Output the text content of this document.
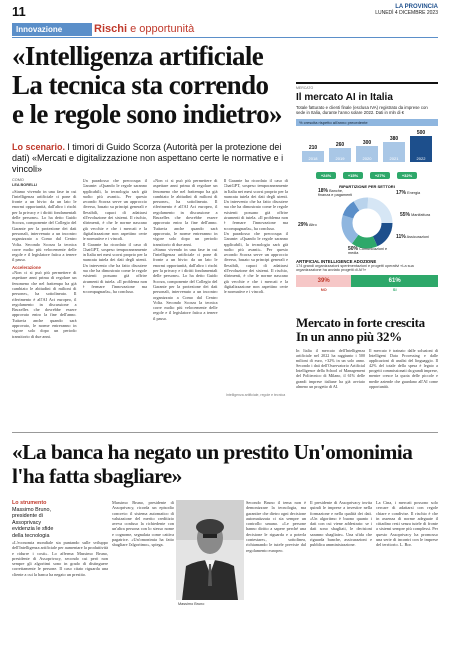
11	LA PROVINCIA
LUNEDÌ 4 DICEMBRE 2023
Innovazione	Rischi e opportunità
«Intelligenza artificiale La tecnica sta correndo e le regole sono indietro»
Lo scenario. I timori di Guido Scorza (Autorità per la protezione dei dati) «Mercati e digitalizzazione non aspettano certe le normative e i vincoli»
COMO
LEA BORELLI
«Siamo vivendo in una fase in cui l'intelligenza artificiale ci pone di fronte a un bivio: da un lato le enormi opportunità, dall'altro i rischi per la privacy e i diritti fondamentali delle persone». Lo ha detto Guido Scorza, componente del Collegio del Garante per la protezione dei dati personali, intervenuto a un incontro organizzato a Como dal Centro Volta. Secondo Scorza la tecnica corre molto più velocemente delle regole e il legislatore fatica a tenere il passo.
Accelerazione
«Non ci si può più permettere di aspettare anni prima di regolare un fenomeno che nel frattempo ha già cambiato le abitudini di milioni di persone», ha sottolineato. Il riferimento è all'AI Act europeo, il regolamento in discussione a Bruxelles che dovrebbe essere approvato entro la fine dell'anno. Tuttavia anche quando sarà approvato, le norme entreranno in vigore solo dopo un periodo transitorio di due anni.
Un paradosso che preoccupa il Garante: «Quando le regole saranno applicabili, la tecnologia sarà già molto più avanti». Per questo secondo Scorza serve un approccio diverso, basato su principi generali e flessibili, capaci di adattarsi all'evoluzione dei sistemi. Il rischio, altrimenti, è che le norme nascano già vecchie e che i mercati e la digitalizzazione non aspettino certe le normative e i vincoli.
Il Garante ha ricordato il caso di ChatGPT, sospeso temporaneamente in Italia nei mesi scorsi proprio per la mancata tutela dei dati degli utenti. Un intervento che ha fatto discutere ma che ha dimostrato come le regole esistenti possano già offrire strumenti di tutela. «Il problema non è fermare l'innovazione ma accompagnarla», ha concluso.
«Non ci si può più permettere di aspettare anni prima di regolare un fenomeno che nel frattempo ha già cambiato le abitudini di milioni di persone», ha sottolineato. Il riferimento è all'AI Act europeo, il regolamento in discussione a Bruxelles che dovrebbe essere approvato entro la fine dell'anno. Tuttavia anche quando sarà approvato, le norme entreranno in vigore solo dopo un periodo transitorio di due anni.
«Siamo vivendo in una fase in cui l'intelligenza artificiale ci pone di fronte a un bivio: da un lato le enormi opportunità, dall'altro i rischi per la privacy e i diritti fondamentali delle persone». Lo ha detto Guido Scorza, componente del Collegio del Garante per la protezione dei dati personali, intervenuto a un incontro organizzato a Como dal Centro Volta. Secondo Scorza la tecnica corre molto più velocemente delle regole e il legislatore fatica a tenere il passo.
Il Garante ha ricordato il caso di ChatGPT, sospeso temporaneamente in Italia nei mesi scorsi proprio per la mancata tutela dei dati degli utenti. Un intervento che ha fatto discutere ma che ha dimostrato come le regole esistenti possano già offrire strumenti di tutela. «Il problema non è fermare l'innovazione ma accompagnarla», ha concluso.
Un paradosso che preoccupa il Garante: «Quando le regole saranno applicabili, la tecnologia sarà già molto più avanti». Per questo secondo Scorza serve un approccio diverso, basato su principi generali e flessibili, capaci di adattarsi all'evoluzione dei sistemi. Il rischio, altrimenti, è che le norme nascano già vecchie e che i mercati e la digitalizzazione non aspettino certe le normative e i vincoli.
Intelligenza artificiale, regole e tecnica
MERCATO
Il mercato AI in Italia
Totale fatturato e clienti finale (esclusa IVA) registrato da imprese con sede in Italia, durante l'anno solare 2022. Dati in mln di €
% crescita rispetto all'anno precedente
210
2018
260
2019
300
2020
380
2021
500
2022
+24%	+15%	+27%	+32%
RIPARTIZIONE PER SETTORI
18% Banche, finanza e pagamenti	17% Energia
55% Manifattura
11% Assicurazioni
50% Comunicazioni e media
29% Altro
ARTIFICIAL INTELLIGENCE ADOZIONE
174 grandi organizzazioni sperimentazioni e progetti operativi «La sua organizzazione ha avviato progetti di AI?»
39%	61%
NO	SI
Mercato in forte crescita In un anno più 32%
In Italia il mercato dell'Intelligenza artificiale nel 2022 ha raggiunto i 500 milioni di euro, +32% in un solo anno. Secondo i dati dell'Osservatorio Artificial Intelligence della School of Management del Politecnico di Milano, il 61% delle grandi imprese italiane ha già avviato almeno un progetto di AI.
Il mercato è trainato dalle soluzioni di Intelligent Data Processing e dalle applicazioni di analisi del linguaggio. Il 42% del totale della spesa è legato a progetti commissionati da grandi imprese, mentre cresce la quota delle piccole e medie aziende che guardano all'AI come opportunità.
«La banca ha negato un prestito Un'omonimia l'ha fatta sbagliare»
Lo strumento
Massimo Bruno, presidente di Assoprivacy evidenzia le sfide della tecnologia
«L'economia mondiale sta puntando sulle sviluppo dell'Intelligenza artificiale per aumentare la produttività e ridurre i costi». Lo afferma Massimo Bruno, presidente di Assoprivacy, secondo cui però non sempre gli algoritmi sono in grado di distinguere correttamente le persone. Il caso citato riguarda una cliente a cui la banca ha negato un prestito.
Massimo Bruno, presidente di Assoprivacy, ricorda un episodio concreto: il sistema automatico di valutazione del merito creditizio aveva confuso la richiedente con un'altra persona con lo stesso nome e cognome, segnalata come cattiva pagatrice. «Un'omonimia ha fatto sbagliare l'algoritmo», spiega.
Massimo Bruno
Secondo Bruno il tema non è demonizzare la tecnologia, ma garantire che dietro ogni decisione automatizzata ci sia sempre un controllo umano. «Le persone hanno diritto a sapere perché una decisione le riguarda e a poterla contestare», sottolinea, richiamando le tutele previste dal regolamento europeo.
Il presidente di Assoprivacy invita quindi le imprese a investire nella formazione e nella qualità dei dati. «Un algoritmo è buono quanto i dati con cui viene addestrato: se i dati sono sbagliati, le decisioni saranno sbagliate». Una sfida che riguarda banche, assicurazioni e pubblica amministrazione.
La Cina, i mercati possono solo cercare di adattarsi con regole chiare e condivise. Il rischio è che in assenza di norme adeguate il cittadino resti senza tutele di fronte a sistemi sempre più complessi. Per questo Assoprivacy ha promosso una serie di incontri con le imprese del territorio. L. Bor.
